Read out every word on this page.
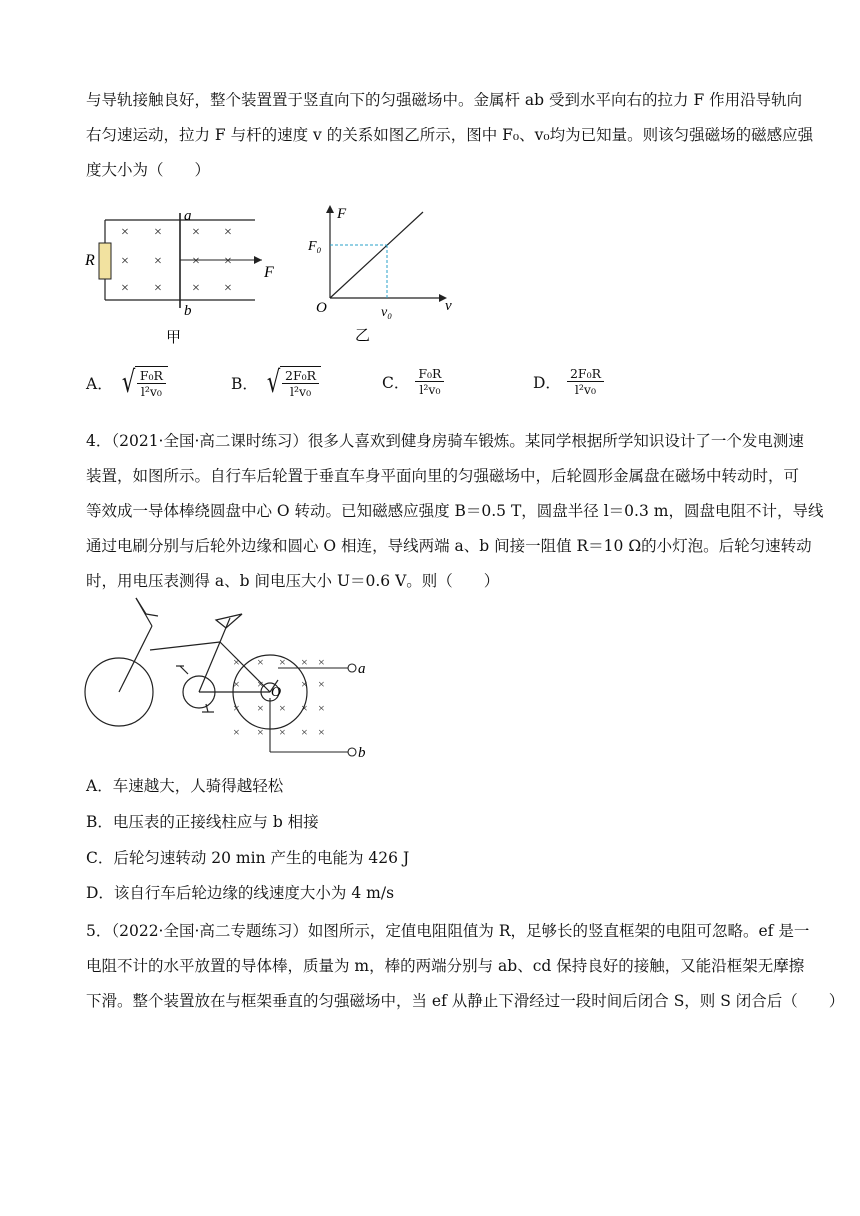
与导轨接触良好，整个装置置于竖直向下的匀强磁场中。金属杆 ab 受到水平向右的拉力 F 作用沿导轨向
右匀速运动，拉力 F 与杆的速度 v 的关系如图乙所示，图中 F₀、v₀均为已知量。则该匀强磁场的磁感应强
度大小为（　　）
× × × ×
× × × ×
× × × ×
R
a
b
F
甲
F
F₀
O	v₀	v
乙
A． √ $\frac{\text{F₀R}}{\text{l²v₀}}$	B． √ $\frac{\text{2F₀R}}{\text{l²v₀}}$	C． $\frac{\text{F₀R}}{\text{l²v₀}}$	D． $\frac{\text{2F₀R}}{\text{l²v₀}}$
4．（2021·全国·高二课时练习）很多人喜欢到健身房骑车锻炼。某同学根据所学知识设计了一个发电测速
装置，如图所示。自行车后轮置于垂直车身平面向里的匀强磁场中，后轮圆形金属盘在磁场中转动时，可
等效成一导体棒绕圆盘中心 O 转动。已知磁感应强度 B＝0.5 T，圆盘半径 l＝0.3 m，圆盘电阻不计，导线
通过电刷分别与后轮外边缘和圆心 O 相连，导线两端 a、b 间接一阻值 R＝10 Ω的小灯泡。后轮匀速转动
时，用电压表测得 a、b 间电压大小 U＝0.6 V。则（　　）
× × × × ×
× ×	× ×
× × × × ×
× × × × ×
O
a
b
A．车速越大，人骑得越轻松
B．电压表的正接线柱应与 b 相接
C．后轮匀速转动 20 min 产生的电能为 426 J
D．该自行车后轮边缘的线速度大小为 4 m/s
5．（2022·全国·高二专题练习）如图所示，定值电阻阻值为 R，足够长的竖直框架的电阻可忽略。ef 是一
电阻不计的水平放置的导体棒，质量为 m，棒的两端分别与 ab、cd 保持良好的接触，又能沿框架无摩擦
下滑。整个装置放在与框架垂直的匀强磁场中，当 ef 从静止下滑经过一段时间后闭合 S，则 S 闭合后（　　）
